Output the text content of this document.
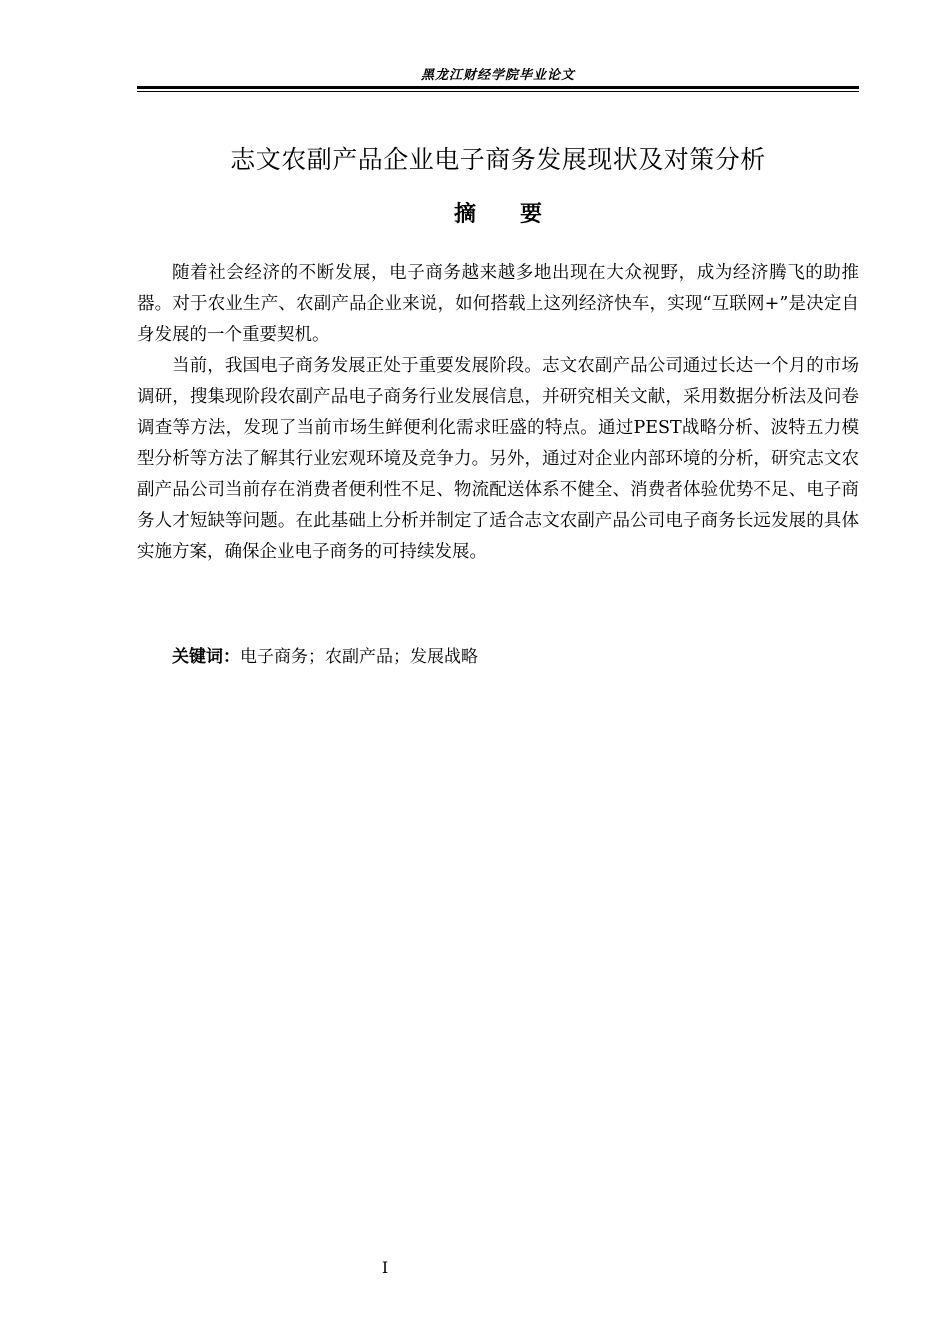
黑龙江财经学院毕业论文
志文农副产品企业电子商务发展现状及对策分析
摘 要

随着社会经济的不断发展，电子商务越来越多地出现在大众视野，成为经济腾飞的助推器。对于农业生产、农副产品企业来说，如何搭载上这列经济快车，实现“互联网+”是决定自身发展的一个重要契机。

当前，我国电子商务发展正处于重要发展阶段。志文农副产品公司通过长达一个月的市场调研，搜集现阶段农副产品电子商务行业发展信息，并研究相关文献，采用数据分析法及问卷调查等方法，发现了当前市场生鲜便利化需求旺盛的特点。通过PEST战略分析、波特五力模型分析等方法了解其行业宏观环境及竞争力。另外，通过对企业内部环境的分析，研究志文农副产品公司当前存在消费者便利性不足、物流配送体系不健全、消费者体验优势不足、电子商务人才短缺等问题。在此基础上分析并制定了适合志文农副产品公司电子商务长远发展的具体实施方案，确保企业电子商务的可持续发展。

关键词：电子商务；农副产品；发展战略
I
